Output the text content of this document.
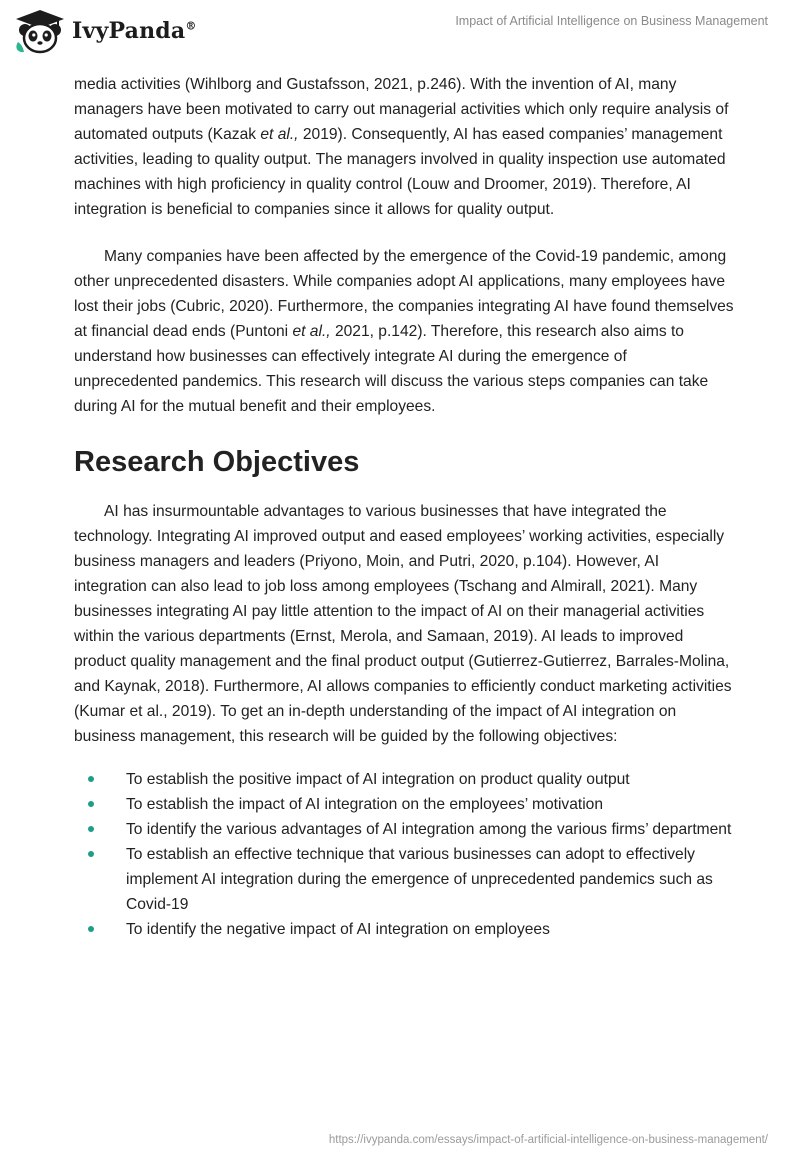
IvyPanda®	Impact of Artificial Intelligence on Business Management

media activities (Wihlborg and Gustafsson, 2021, p.246). With the invention of AI, many managers have been motivated to carry out managerial activities which only require analysis of automated outputs (Kazak et al., 2019). Consequently, AI has eased companies’ management activities, leading to quality output. The managers involved in quality inspection use automated machines with high proficiency in quality control (Louw and Droomer, 2019). Therefore, AI integration is beneficial to companies since it allows for quality output.

Many companies have been affected by the emergence of the Covid-19 pandemic, among other unprecedented disasters. While companies adopt AI applications, many employees have lost their jobs (Cubric, 2020). Furthermore, the companies integrating AI have found themselves at financial dead ends (Puntoni et al., 2021, p.142). Therefore, this research also aims to understand how businesses can effectively integrate AI during the emergence of unprecedented pandemics. This research will discuss the various steps companies can take during AI for the mutual benefit and their employees.

Research Objectives

AI has insurmountable advantages to various businesses that have integrated the technology. Integrating AI improved output and eased employees’ working activities, especially business managers and leaders (Priyono, Moin, and Putri, 2020, p.104). However, AI integration can also lead to job loss among employees (Tschang and Almirall, 2021). Many businesses integrating AI pay little attention to the impact of AI on their managerial activities within the various departments (Ernst, Merola, and Samaan, 2019). AI leads to improved product quality management and the final product output (Gutierrez-Gutierrez, Barrales-Molina, and Kaynak, 2018). Furthermore, AI allows companies to efficiently conduct marketing activities (Kumar et al., 2019). To get an in-depth understanding of the impact of AI integration on business management, this research will be guided by the following objectives:

To establish the positive impact of AI integration on product quality output
To establish the impact of AI integration on the employees’ motivation
To identify the various advantages of AI integration among the various firms’ department
To establish an effective technique that various businesses can adopt to effectively implement AI integration during the emergence of unprecedented pandemics such as Covid-19
To identify the negative impact of AI integration on employees
https://ivypanda.com/essays/impact-of-artificial-intelligence-on-business-management/
